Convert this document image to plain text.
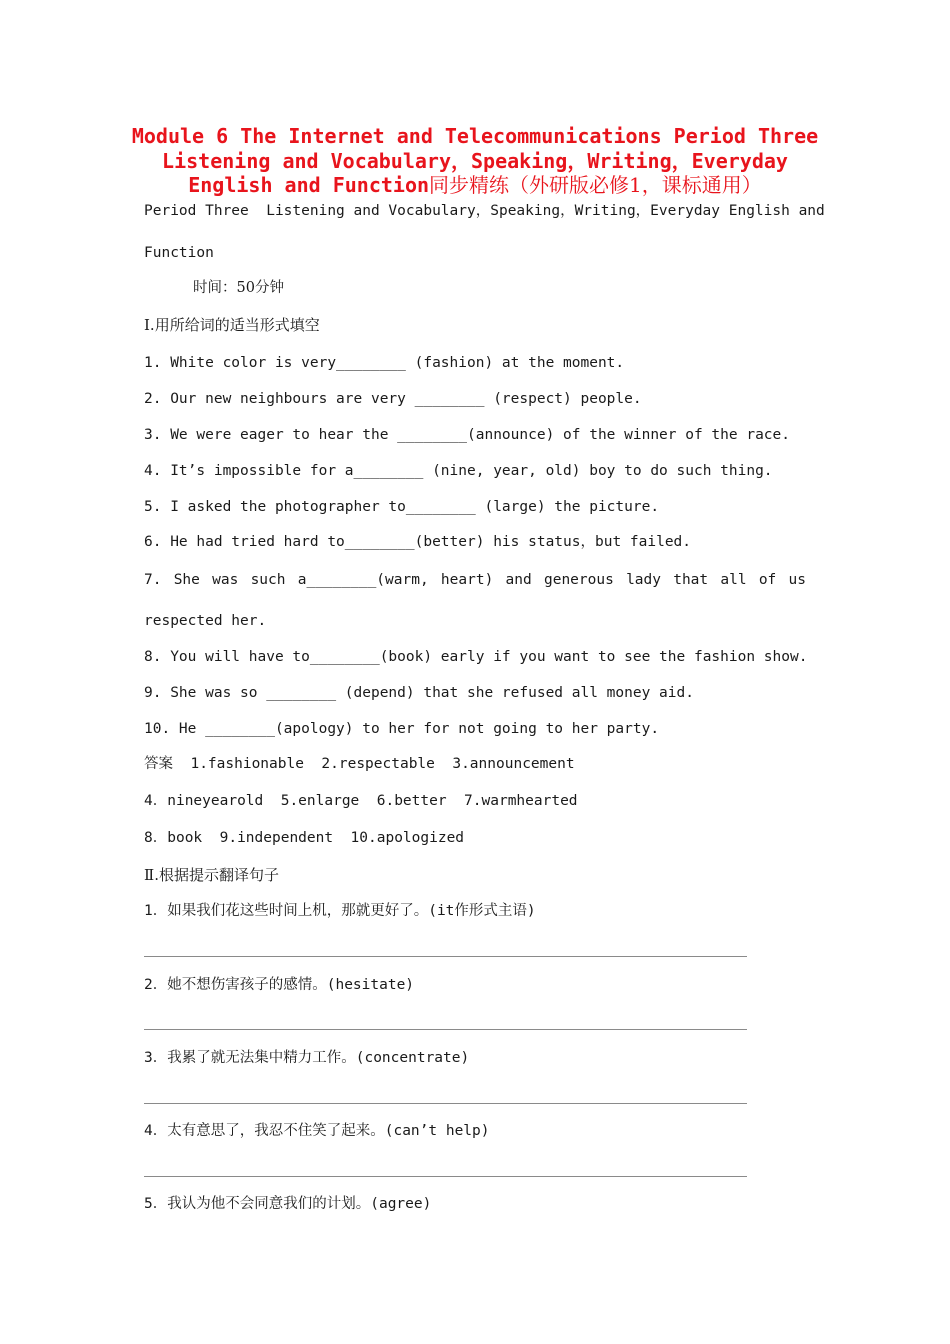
Module 6 The Internet and Telecommunications Period Three Listening and Vocabulary，Speaking，Writing，Everyday English and Function同步精练（外研版必修1，课标通用）
Period Three  Listening and Vocabulary，Speaking，Writing，Everyday English and
Function
时间：50分钟
Ⅰ.用所给词的适当形式填空
1. White color is very________ (fashion) at the moment.
2. Our new neighbours are very ________ (respect) people.
3. We were eager to hear the ________(announce) of the winner of the race.
4. It’s impossible for a________ (nine, year, old) boy to do such thing.
5. I asked the photographer to________ (large) the picture.
6. He had tried hard to________(better) his status，but failed.
7. She was such a________(warm, heart) and generous lady that all of us
respected her.
8. You will have to________(book) early if you want to see the fashion show.
9. She was so ________ (depend) that she refused all money aid.
10. He ________(apology) to her for not going to her party.
答案  1.fashionable  2.respectable  3.announcement
4．nineyearold  5.enlarge  6.better  7.warmhearted
8．book  9.independent  10.apologized
Ⅱ.根据提示翻译句子
1．如果我们花这些时间上机，那就更好了。(it作形式主语)
2．她不想伤害孩子的感情。(hesitate)
3．我累了就无法集中精力工作。(concentrate)
4．太有意思了，我忍不住笑了起来。(can’t help)
5．我认为他不会同意我们的计划。(agree)
